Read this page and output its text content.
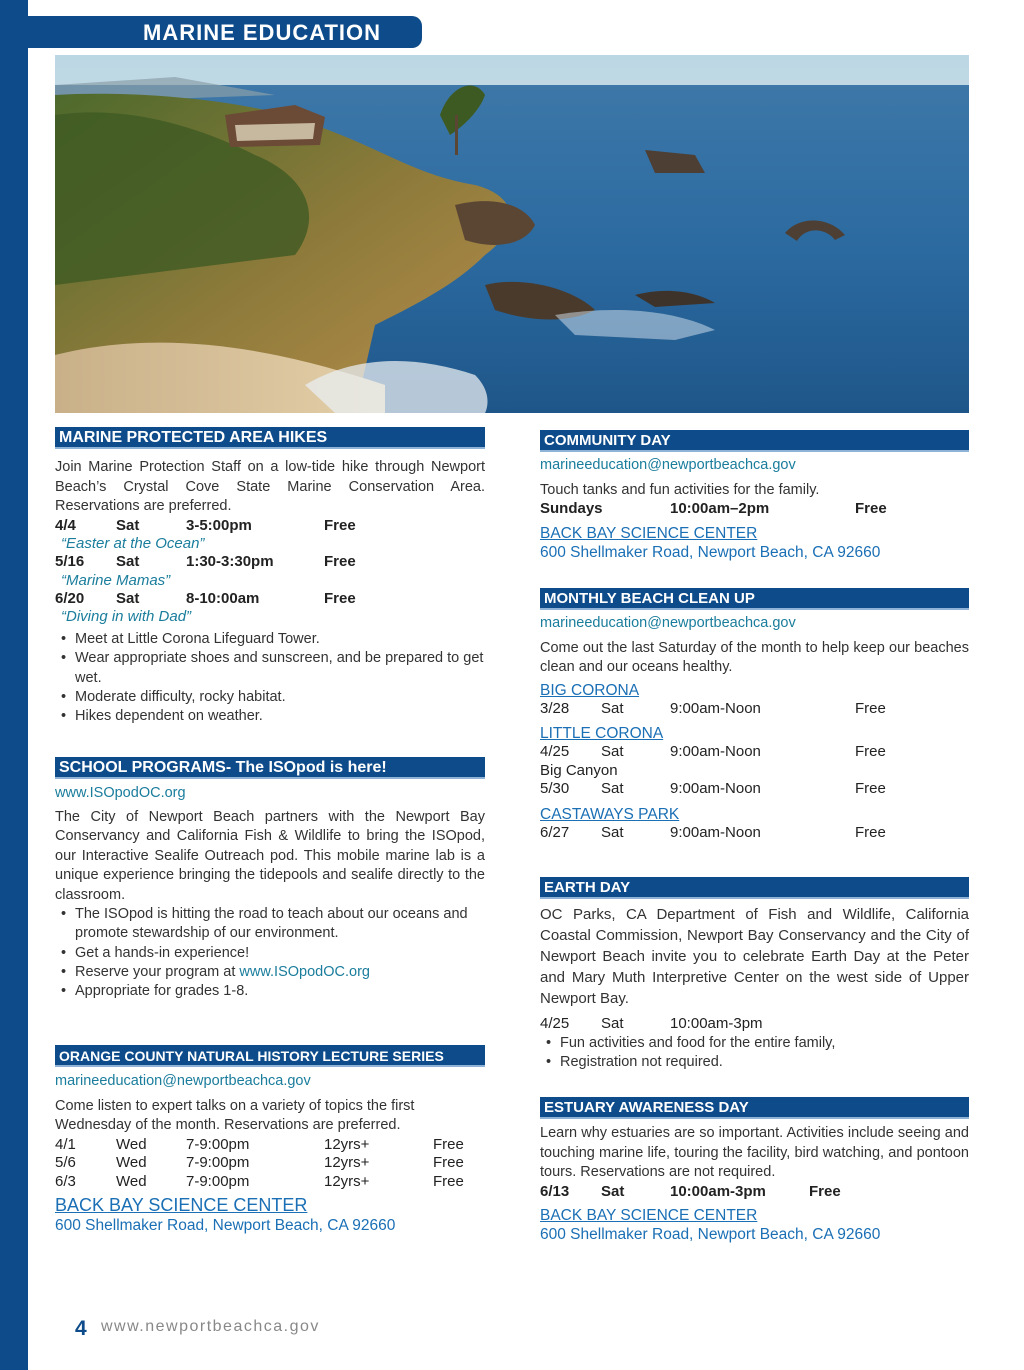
MARINE EDUCATION
MARINE PROTECTED AREA HIKES

Join Marine Protection Staff on a low-tide hike through Newport Beach’s Crystal Cove State Marine Conservation Area. Reservations are preferred.

4/4	Sat	3-5:00pm	Free
“Easter at the Ocean”
5/16 Sat	1:30-3:30pm	Free
“Marine Mamas”
6/20 Sat	8-10:00am	Free
“Diving in with Dad”
• Meet at Little Corona Lifeguard Tower.
• Wear appropriate shoes and sunscreen, and be prepared to get wet.
• Moderate difficulty, rocky habitat.
• Hikes dependent on weather.
SCHOOL PROGRAMS- The ISOpod is here!
www.ISOpodOC.org

The City of Newport Beach partners with the Newport Bay Conservancy and California Fish & Wildlife to bring the ISOpod, our Interactive Sealife Outreach pod. This mobile marine lab is a unique experience bringing the tidepools and sealife directly to the classroom.

• The ISOpod is hitting the road to teach about our oceans and promote stewardship of our environment.
• Get a hands-in experience!
• Reserve your program at www.ISOpodOC.org
• Appropriate for grades 1-8.
ORANGE COUNTY NATURAL HISTORY LECTURE SERIES
marineeducation@newportbeachca.gov

Come listen to expert talks on a variety of topics the first Wednesday of the month. Reservations are preferred.

4/1	Wed	7-9:00pm	12yrs+	Free
5/6	Wed	7-9:00pm	12yrs+	Free
6/3	Wed	7-9:00pm	12yrs+	Free
BACK BAY SCIENCE CENTER
600 Shellmaker Road, Newport Beach, CA 92660
COMMUNITY DAY
marineeducation@newportbeachca.gov

Touch tanks and fun activities for the family.

Sundays	10:00am–2pm	Free
BACK BAY SCIENCE CENTER
600 Shellmaker Road, Newport Beach, CA 92660
MONTHLY BEACH CLEAN UP
marineeducation@newportbeachca.gov

Come out the last Saturday of the month to help keep our beaches clean and our oceans healthy.

BIG CORONA
3/28 Sat	9:00am-Noon	Free
LITTLE CORONA
4/25 Sat	9:00am-Noon	Free
Big Canyon
5/30 Sat	9:00am-Noon	Free
CASTAWAYS PARK
6/27 Sat	9:00am-Noon	Free
EARTH DAY

OC Parks, CA Department of Fish and Wildlife, California Coastal Commission, Newport Bay Conservancy and the City of Newport Beach invite you to celebrate Earth Day at the Peter and Mary Muth Interpretive Center on the west side of Upper Newport Bay.

4/25 Sat	10:00am-3pm
• Fun activities and food for the entire family,
• Registration not required.
ESTUARY AWARENESS DAY

Learn why estuaries are so important. Activities include seeing and touching marine life, touring the facility, bird watching, and pontoon tours. Reservations are not required.

6/13 Sat	10:00am-3pm	Free
BACK BAY SCIENCE CENTER
600 Shellmaker Road, Newport Beach, CA 92660
4 www.newportbeachca.gov
